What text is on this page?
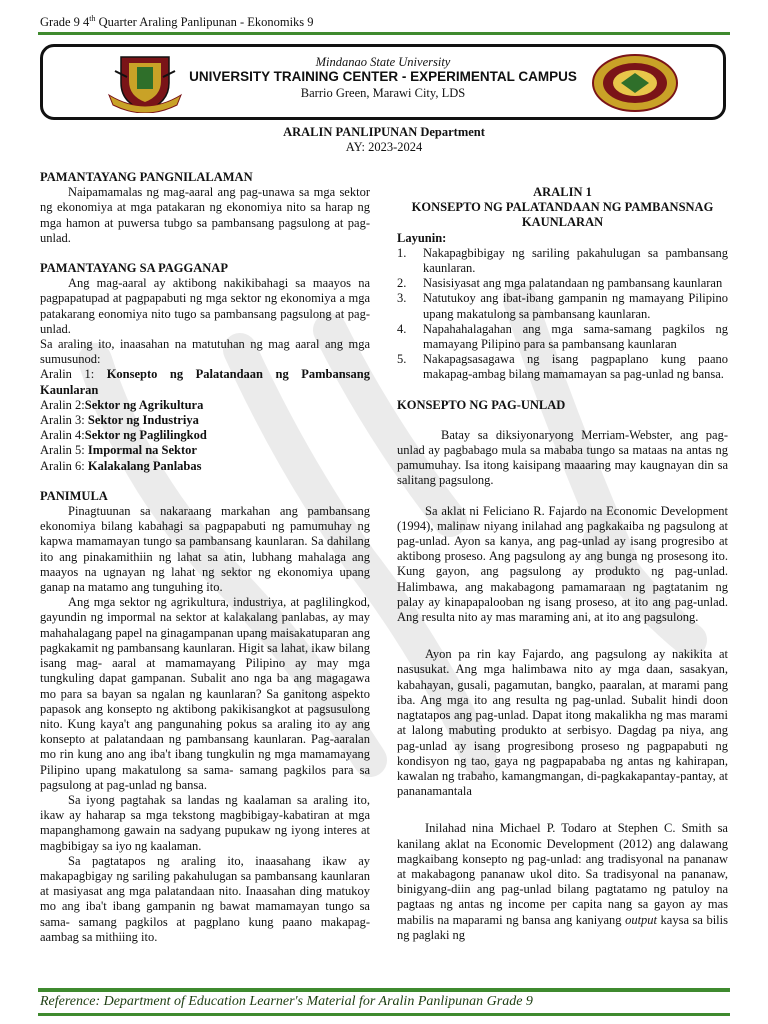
Grade 9 4th Quarter Araling Panlipunan - Ekonomiks 9
Mindanao State University
UNIVERSITY TRAINING CENTER - EXPERIMENTAL CAMPUS
Barrio Green, Marawi City, LDS
ARALIN PANLIPUNAN Department
AY: 2023-2024

PAMANTAYANG PANGNILALAMAN

Naipamamalas ng mag-aaral ang pag-unawa sa mga sektor ng ekonomiya at mga patakaran ng ekonomiya nito sa harap ng mga hamon at puwersa tubgo sa pambansang pagsulong at pag-unlad.

PAMANTAYANG SA PAGGANAP

Ang mag-aaral ay aktibong nakikibahagi sa maayos na pagpapatupad at pagpapabuti ng mga sektor ng ekonomiya a mga patakarang eonomiya nito tugo sa pambansang pagsulong at pag-unlad.

Sa araling ito, inaasahan na matutuhan ng mag aaral ang mga sumusunod:

Aralin 1: Konsepto ng Palatandaan ng Pambansang Kaunlaran

Aralin 2:Sektor ng Agrikultura

Aralin 3: Sektor ng Industriya

Aralin 4:Sektor ng Paglilingkod

Aralin 5: Impormal na Sektor

Aralin 6: Kalakalang Panlabas

PANIMULA

Pinagtuunan sa nakaraang markahan ang pambansang ekonomiya bilang kabahagi sa pagpapabuti ng pamumuhay ng kapwa mamamayan tungo sa pambansang kaunlaran. Sa dahilang ito ang pinakamithiin ng lahat sa atin, lubhang mahalaga ang maayos na ugnayan ng lahat ng sektor ng ekonomiya upang ganap na matamo ang tunguhing ito.

Ang mga sektor ng agrikultura, industriya, at paglilingkod, gayundin ng impormal na sektor at kalakalang panlabas, ay may mahahalagang papel na ginagampanan upang maisakatuparan ang pagkakamit ng pambansang kaunlaran. Higit sa lahat, ikaw bilang isang mag- aaral at mamamayang Pilipino ay may mga tungkuling dapat gampanan. Subalit ano nga ba ang magagawa mo para sa bayan sa ngalan ng kaunlaran? Sa ganitong aspekto papasok ang konsepto ng aktibong pakikisangkot at pagsusulong nito. Kung kaya't ang pangunahing pokus sa araling ito ay ang konsepto at palatandaan ng pambansang kaunlaran. Pag-aaralan mo rin kung ano ang iba't ibang tungkulin ng mga mamamayang Pilipino upang makatulong sa sama- samang pagkilos para sa pagsulong at pag-unlad ng bansa.

Sa iyong pagtahak sa landas ng kaalaman sa araling ito, ikaw ay haharap sa mga tekstong magbibigay-kabatiran at mga mapanghamong gawain na sadyang pupukaw ng iyong interes at magbibigay sa iyo ng kaalaman.

Sa pagtatapos ng araling ito, inaasahang ikaw ay makapagbigay ng sariling pakahulugan sa pambansang kaunlaran at masiyasat ang mga palatandaan nito. Inaasahan ding matukoy mo ang iba't ibang gampanin ng bawat mamamayan tungo sa sama- samang pagkilos at pagplano kung paano makapag- aambag sa mithiing ito.

ARALIN 1

KONSEPTO NG PALATANDAAN NG PAMBANSNAG KAUNLARAN

Layunin:

1. Nakapagbibigay ng sariling pakahulugan sa pambansang kaunlaran.
2. Nasisiyasat ang mga palatandaan ng pambansang kaunlaran
3. Natutukoy ang ibat-ibang gampanin ng mamayang Pilipino upang makatulong sa pambansang kaunlaran.
4. Napahahalagahan ang mga sama-samang pagkilos ng mamayang Pilipino para sa pambansang kaunlaran
5. Nakapagsasagawa ng isang pagpaplano kung paano makapag-ambag bilang mamamayan sa pag-unlad ng bansa.

KONSEPTO NG PAG-UNLAD

Batay sa diksiyonaryong Merriam-Webster, ang pag-unlad ay pagbabago mula sa mababa tungo sa mataas na antas ng pamumuhay. Isa itong kaisipang maaaring may kaugnayan din sa salitang pagsulong.

Sa aklat ni Feliciano R. Fajardo na Economic Development (1994), malinaw niyang inilahad ang pagkakaiba ng pagsulong at pag-unlad. Ayon sa kanya, ang pag-unlad ay isang progresibo at aktibong proseso. Ang pagsulong ay ang bunga ng prosesong ito. Kung gayon, ang pagsulong ay produkto ng pag-unlad. Halimbawa, ang makabagong pamamaraan ng pagtatanim ng palay ay kinapapalooban ng isang proseso, at ito ang pag-unlad. Ang resulta nito ay mas maraming ani, at ito ang pagsulong.

Ayon pa rin kay Fajardo, ang pagsulong ay nakikita at nasusukat. Ang mga halimbawa nito ay mga daan, sasakyan, kabahayan, gusali, pagamutan, bangko, paaralan, at marami pang iba. Ang mga ito ang resulta ng pag-unlad. Subalit hindi doon nagtatapos ang pag-unlad. Dapat itong makalikha ng mas marami at lalong mabuting produkto at serbisyo. Dagdag pa niya, ang pag-unlad ay isang progresibong proseso ng pagpapabuti ng kondisyon ng tao, gaya ng pagpapababa ng antas ng kahirapan, kawalan ng trabaho, kamangmangan, di-pagkakapantay-pantay, at pananamantala

Inilahad nina Michael P. Todaro at Stephen C. Smith sa kanilang aklat na Economic Development (2012) ang dalawang magkaibang konsepto ng pag-unlad: ang tradisyonal na pananaw at makabagong pananaw ukol dito. Sa tradisyonal na pananaw, binigyang-diin ang pag-unlad bilang pagtatamo ng patuloy na pagtaas ng antas ng income per capita nang sa gayon ay mas mabilis na maparami ng bansa ang kaniyang output kaysa sa bilis ng paglaki ng

Reference: Department of Education Learner's Material for Aralin Panlipunan Grade 9
